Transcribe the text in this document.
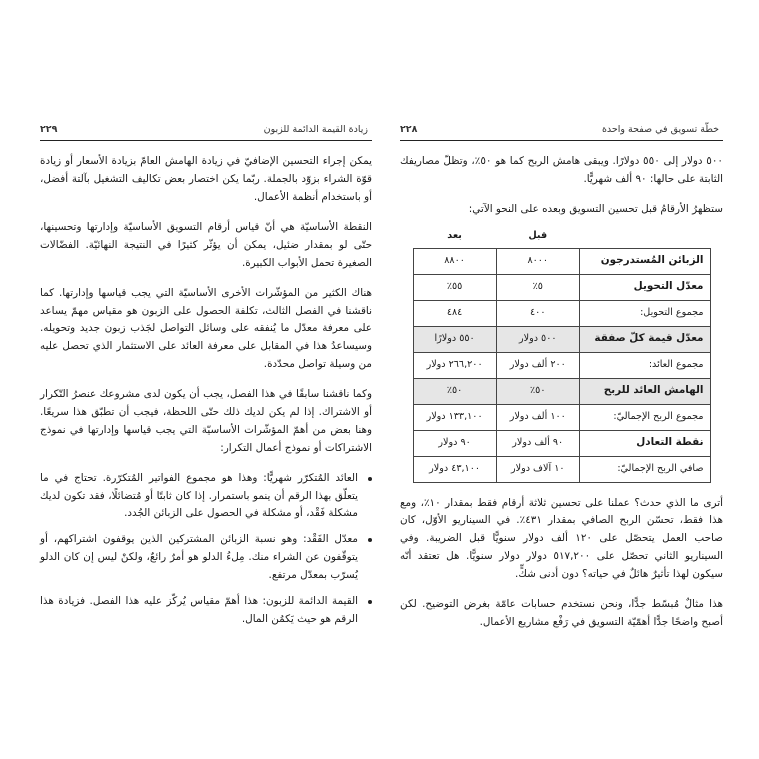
زيادة القيمة الدائمة للزبون
٢٢٩

يمكن إجراء التحسين الإضافيّ في زيادة الهامش العامّ بزيادة الأسعار أو زيادة قوّة الشراء بزوّد بالجملة. ربّما يكن اختصار بعض تكاليف التشغيل بآلتة أفضل، أو باستخدام أنظمة الأعمال.

النقطة الأساسيّة هي أنّ قياس أرقام التسويق الأساسيّة وإدارتها وتحسينها، حتّى لو بمقدار ضئيل، يمكن أن يؤثّر كثيرًا في النتيجة النهائيّة. الفضّالات الصغيرة تحمل الأبواب الكبيرة.

هناك الكثير من المؤشّرات الأخرى الأساسيّة التي يجب قياسها وإدارتها. كما ناقشنا في الفصل الثالث، تكلفة الحصول على الزبون هو مقياس مهمّ يساعد على معرفة معدّل ما يُنفقه على وسائل التواصل لجَذب زبون جديد وتحويله. وسيساعدُ هذا في المقابل على معرفة العائد على الاستثمار الذي تحصل عليه من وسيلة تواصل محدّدة.

وكما ناقشنا سابقًا في هذا الفصل، يجب أن يكون لدى مشروعك عنصرُ التّكرار أو الاشتراك. إذا لم يكن لديك ذلك حتّى اللحظة، فيجب أن تطبّق هذا سريعًا. وهنا بعض من أهمّ المؤشّرات الأساسيّة التي يجب قياسها وإدارتها في نموذج الاشتراكات أو نموذج أعمال التكرار:

العائد المُتكرّر شهريًّا: وهذا هو مجموع الفواتير المُتكرّرة. تحتاج في ما يتعلّق بهذا الرقم أن ينمو باستمرار. إذا كان ثابتًا أو مُتضائلًا، فقد تكون لديك مشكلة فَقْد، أو مشكلة في الحصول على الزبائن الجُدد.
معدّل الفَقْد: وهو نسبة الزبائن المشتركين الذين يوقفون اشتراكهم، أو يتوقّفون عن الشراء منك. مِلءُ الدلو هو أمرٌ رائعٌ، ولكنْ ليس إن كان الدلو يُسرّب بمعدّل مرتفع.
القيمة الدائمة للزبون: هذا أهمّ مقياس يُركّز عليه هذا الفصل. فزيادة هذا الرقم هو حيث يَكمُن المال.
خطّة تسويق في صفحة واحدة
٢٢٨

٥٠٠ دولار إلى ٥٥٠ دولارًا. ويبقى هامش الربح كما هو ٥٠٪، وتظلّ مصاريفك الثابتة على حالها: ٩٠ ألف شهريًّا.

ستظهرُ الأرقامُ قبل تحسين التسويق وبعده على النحو الآتي:
	قبل	بعد
الزبائن المُستدرجون	٨٠٠٠	٨٨٠٠
معدّل التحويل	٥٪	٥٥٪
مجموع التحويل:	٤٠٠	٤٨٤
معدّل قيمة كلّ صفقة	٥٠٠ دولار	٥٥٠ دولارًا
مجموع العائد:	٢٠٠ ألف دولار	٢٦٦,٢٠٠ دولار
الهامش العائد للربح	٥٠٪	٥٠٪
مجموع الربح الإجماليّ:	١٠٠ ألف دولار	١٣٣,١٠٠ دولار
نقطة التعادل	٩٠ ألف دولار	٩٠ دولار
صافي الربح الإجماليّ:	١٠ آلاف دولار	٤٣,١٠٠ دولار

أترى ما الذي حدث؟ عملنا على تحسين ثلاثة أرقام فقط بمقدار ١٠٪، ومع هذا فقط، تحسّن الربح الصافي بمقدار ٤٣١٪. في السيناريو الأوّل، كان صاحب العمل يتحصّل على ١٢٠ ألف دولار سنويًّا قبل الضريبة. وفي السيناريو الثاني تحصّل على ٥١٧,٢٠٠ دولار دولار سنويًّا. هل تعتقد أنّه سيكون لهذا تأثيرٌ هائلٌ في حياته؟ دون أدنى شكٍّ.

هذا مثالٌ مُبسّط جدًّا، ونحن نستخدم حسابات عامّة بغرض التوضيح. لكن أصبح واضحًا جدًّا أهمّيّة التسويق في رَفْع مشاريع الأعمال.
